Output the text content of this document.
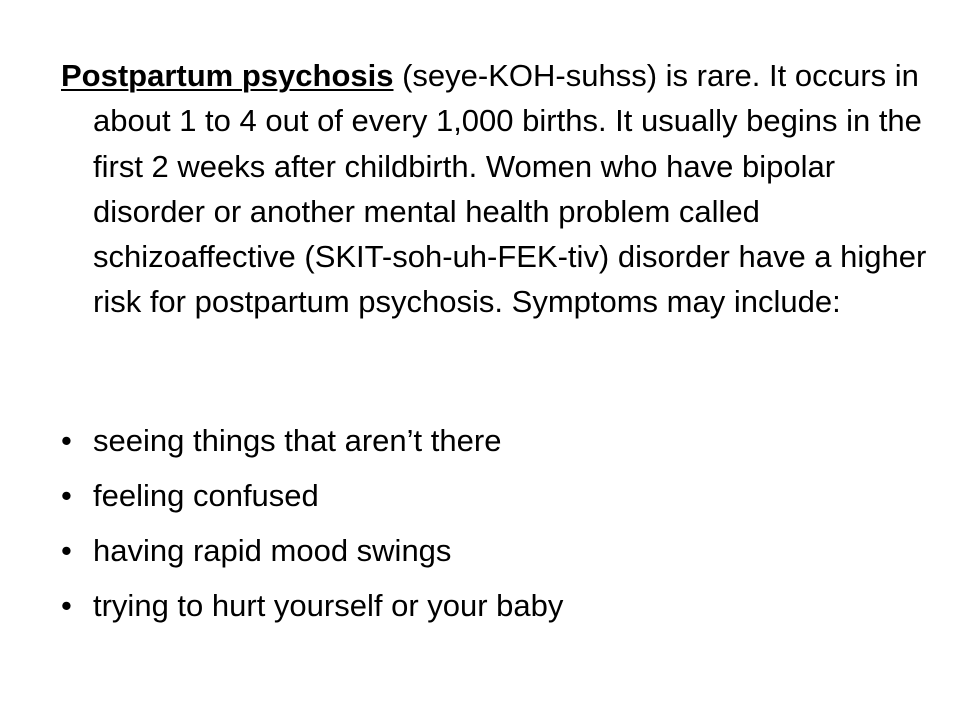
Postpartum psychosis (seye-KOH-suhss) is rare. It occurs in about 1 to 4 out of every 1,000 births. It usually begins in the first 2 weeks after childbirth. Women who have bipolar disorder or another mental health problem called schizoaffective (SKIT-soh-uh-FEK-tiv) disorder have a higher risk for postpartum psychosis. Symptoms may include:

• seeing things that aren’t there
• feeling confused
• having rapid mood swings
• trying to hurt yourself or your baby
